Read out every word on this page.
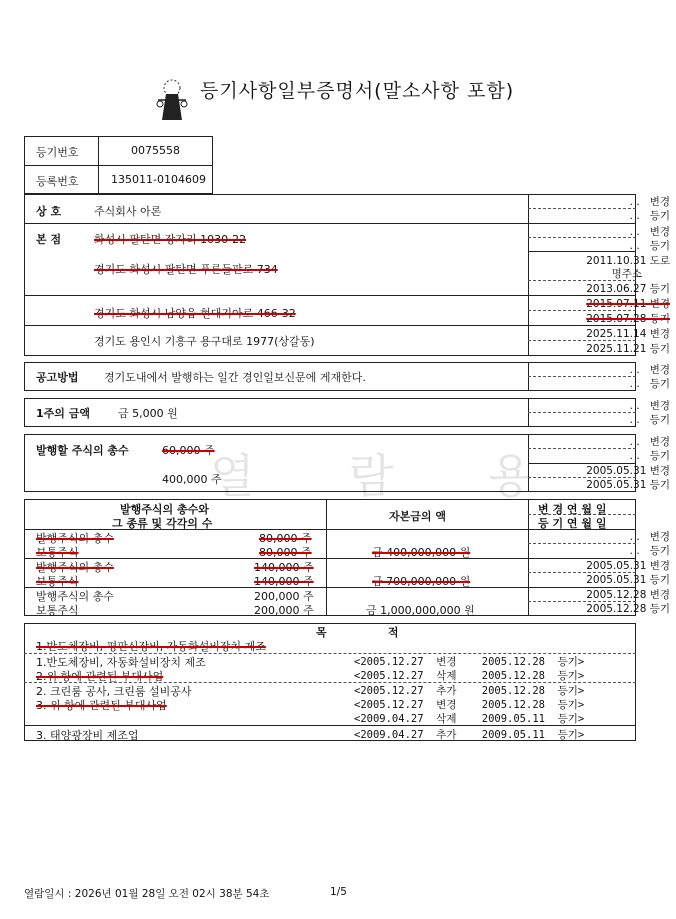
열 람 용
등기사항일부증명서(말소사항 포함)
등기번호	0075558
등록번호	135011-0104609
상 호	주식회사 아론
. . 변경
. . 등기
본 점	화성시 팔탄면 장자리 1030-22
. . 변경
. . 등기
경기도 화성시 팔탄면 푸른들판로 734
2011.10.31 도로
명주소
2013.06.27 등기
경기도 화성시 남양읍 현대기아로 466-32
2015.07.11 변경
2015.07.28 등기
경기도 용인시 기흥구 용구대로 1977(상갈동)
2025.11.14 변경
2025.11.21 등기
공고방법 경기도내에서 발행하는 일간 경인일보신문에 게재한다.
. . 변경
. . 등기
1주의 금액	금 5,000 원
. . 변경
. . 등기
발행할 주식의 총수	60,000 주
400,000 주
. . 변경
. . 등기
2005.05.31 변경
2005.05.31 등기
발행주식의 총수와
그 종류 및 각각의 수
자본금의 액
변 경 연 월 일
등 기 연 월 일
발행주식의 총수	80,000 주
보통주식	80,000 주	금 400,000,000 원
. . 변경
. . 등기
발행주식의 총수	140,000 주
보통주식	140,000 주	금 700,000,000 원
2005.05.31 변경
2005.05.31 등기
발행주식의 총수	200,000 주
보통주식	200,000 주	금 1,000,000,000 원
2005.12.28 변경
2005.12.28 등기
목                적
1.반도체장비, 평판신장비, 자동화설비장치 제조
1.반도체장비, 자동화설비장치 제조	<2005.12.27  변경    2005.12.28  등기>
2.위 항에 관련된 부대사업	<2005.12.27  삭제    2005.12.28  등기>
2. 크린룸 공사, 크린룸 설비공사	<2005.12.27  추가    2005.12.28  등기>
3. 위 항에 관련된 부대사업	<2005.12.27  변경    2005.12.28  등기>
<2009.04.27  삭제    2009.05.11  등기>
3. 태양광장비 제조업	<2009.04.27  추가    2009.05.11  등기>
열람일시 : 2026년 01월 28일 오전 02시 38분 54초	1/5
